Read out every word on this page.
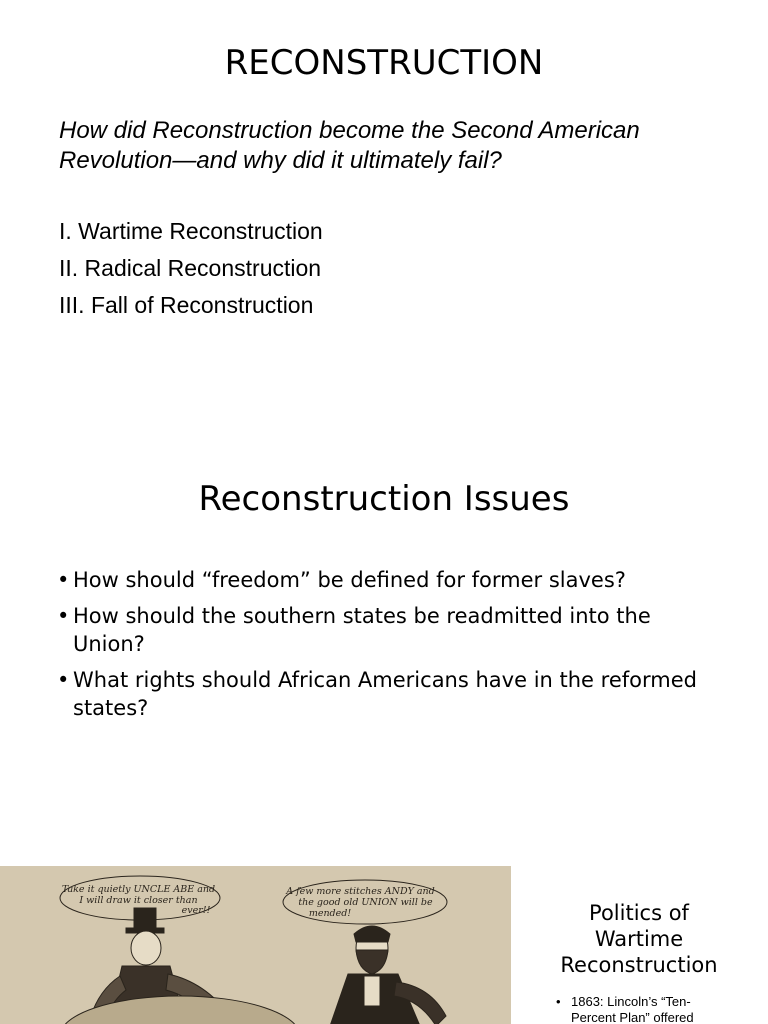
RECONSTRUCTION

How did Reconstruction become the Second American Revolution—and why did it ultimately fail?

I. Wartime Reconstruction
II. Radical Reconstruction
III. Fall of Reconstruction
Reconstruction Issues
• How should “freedom” be defined for former slaves?
• How should the southern states be readmitted into the Union?
• What rights should African Americans have in the reformed states?
Take it quietly UNCLE ABE and I will draw it closer than ever!!
A few more stitches ANDY and the good old UNION will be mended!	Politics of
Wartime
Reconstruction
• 1863: Lincoln’s “Ten-Percent Plan” offered
